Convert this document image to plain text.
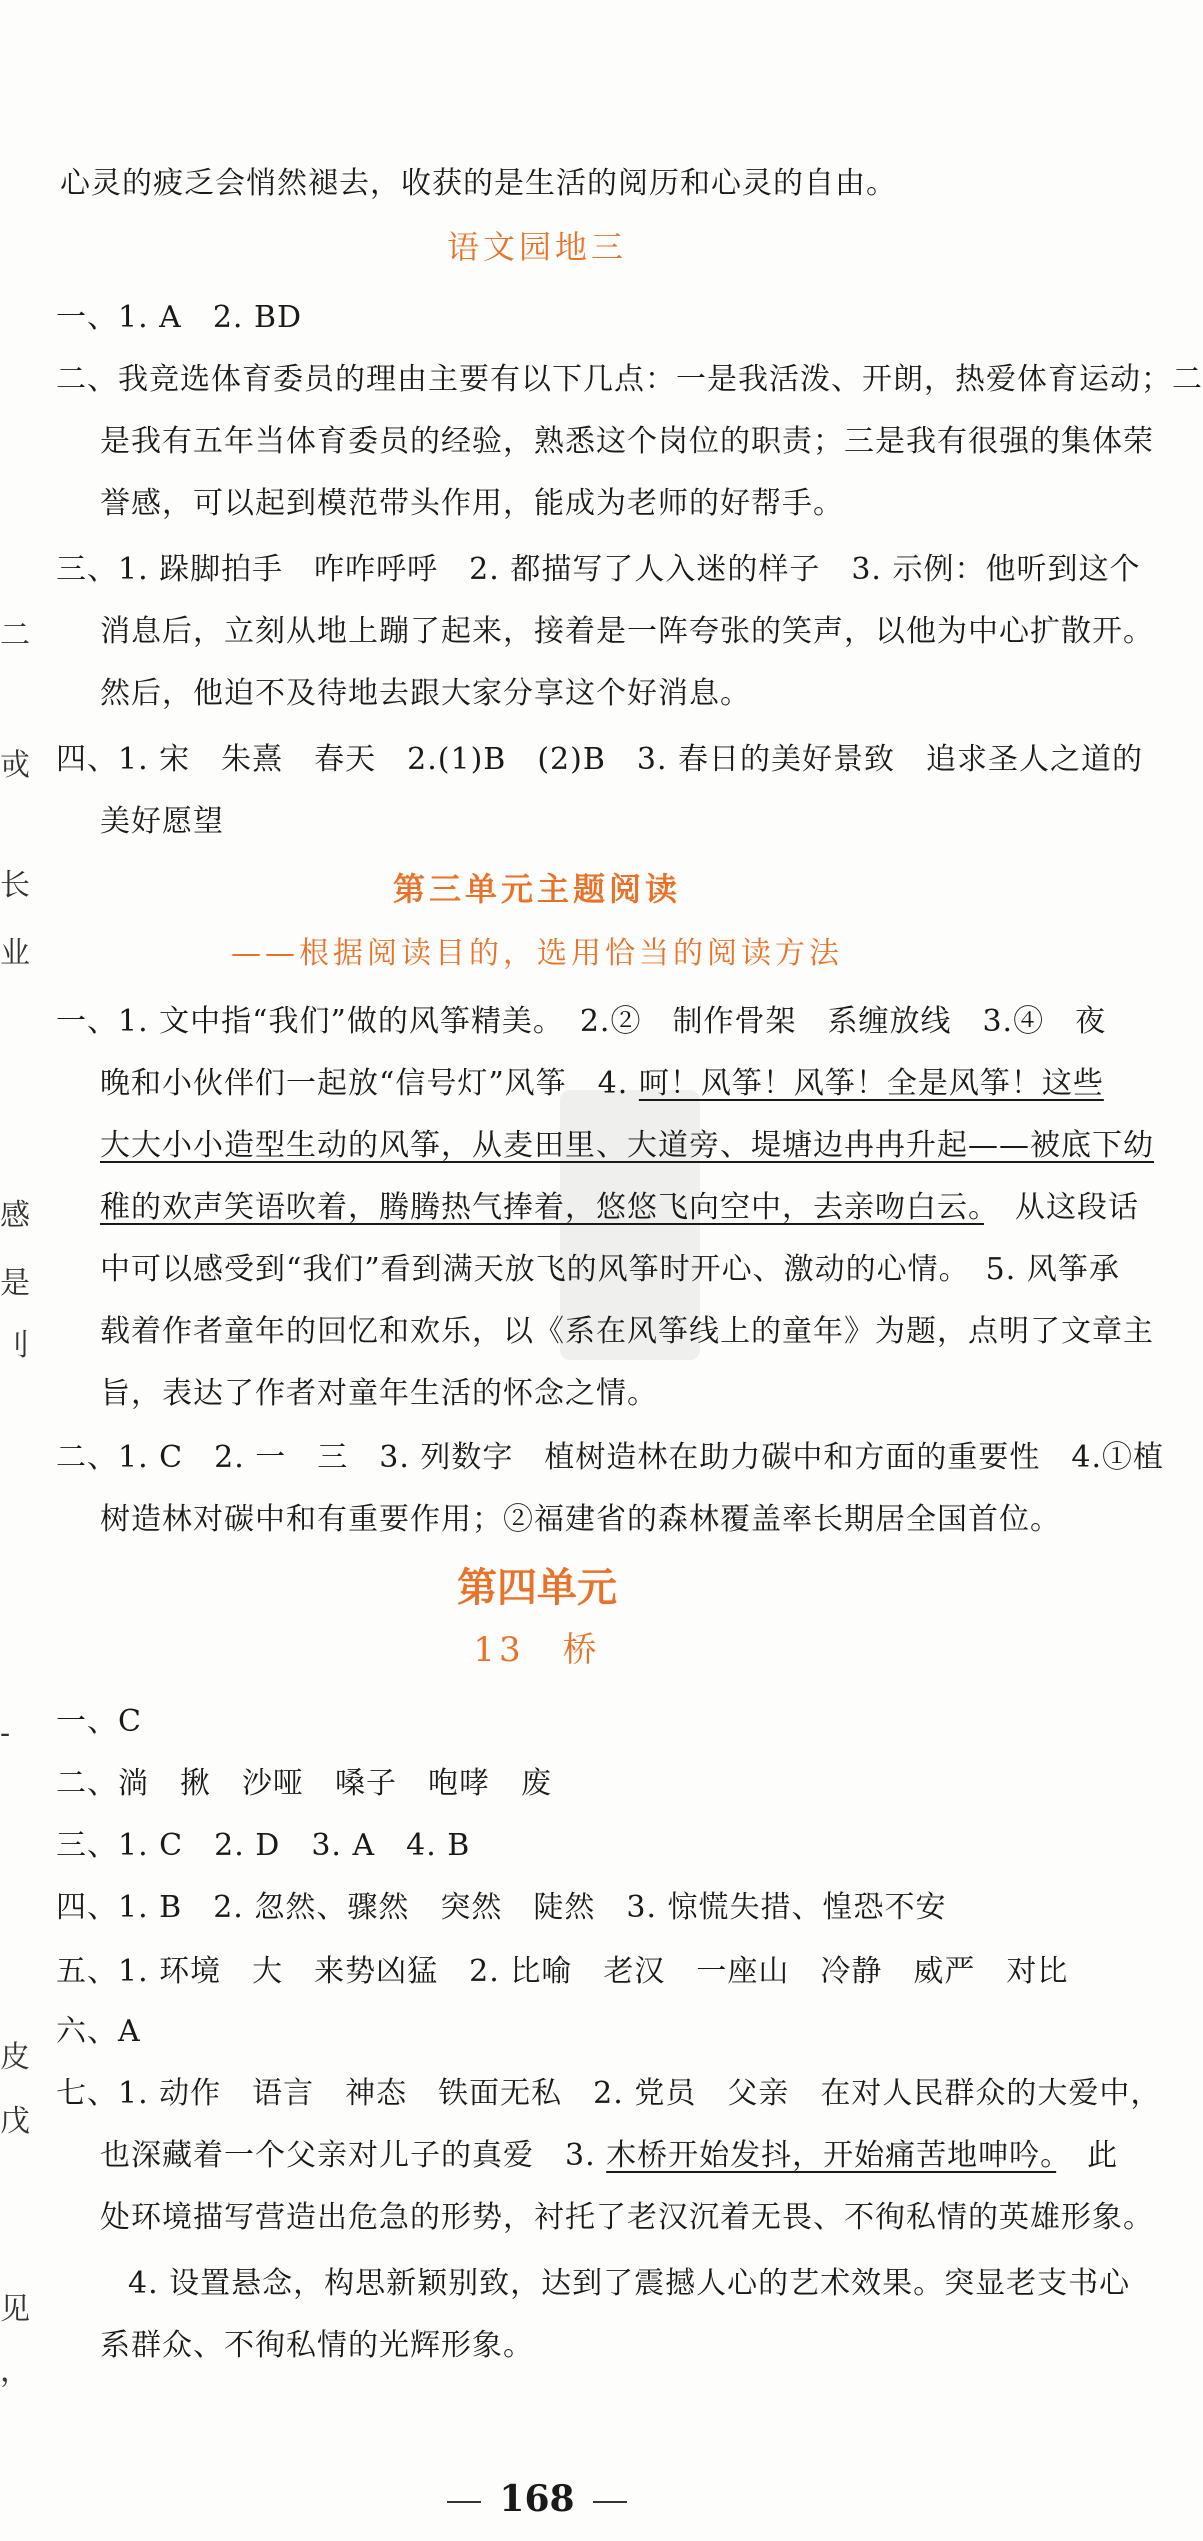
二
戓
长
业
感
是
刂
-
皮
戊
见
，
心灵的疲乏会悄然褪去，收获的是生活的阅历和心灵的自由。
语文园地三
一、1. A　2. BD
二、我竞选体育委员的理由主要有以下几点：一是我活泼、开朗，热爱体育运动；二
是我有五年当体育委员的经验，熟悉这个岗位的职责；三是我有很强的集体荣
誉感，可以起到模范带头作用，能成为老师的好帮手。
三、1. 跺脚拍手　咋咋呼呼　2. 都描写了人入迷的样子　3. 示例：他听到这个
消息后，立刻从地上蹦了起来，接着是一阵夸张的笑声，以他为中心扩散开。
然后，他迫不及待地去跟大家分享这个好消息。
四、1. 宋　朱熹　春天　2.(1)B　(2)B　3. 春日的美好景致　追求圣人之道的
美好愿望
第三单元主题阅读
——根据阅读目的，选用恰当的阅读方法
一、1. 文中指“我们”做的风筝精美。　2.②　制作骨架　系缠放线　3.④　夜
晚和小伙伴们一起放“信号灯”风筝　4. 呵！风筝！风筝！全是风筝！这些
大大小小造型生动的风筝，从麦田里、大道旁、堤塘边冉冉升起——被底下幼
稚的欢声笑语吹着，腾腾热气捧着，悠悠飞向空中，去亲吻白云。　从这段话
中可以感受到“我们”看到满天放飞的风筝时开心、激动的心情。　5. 风筝承
载着作者童年的回忆和欢乐，以《系在风筝线上的童年》为题，点明了文章主
旨，表达了作者对童年生活的怀念之情。
二、1. C　2. 一　三　3. 列数字　植树造林在助力碳中和方面的重要性　4.①植
树造林对碳中和有重要作用；②福建省的森林覆盖率长期居全国首位。
第四单元
13　桥
一、C
二、淌　揪　沙哑　嗓子　咆哮　废
三、1. C　2. D　3. A　4. B
四、1. B　2. 忽然、骤然　突然　陡然　3. 惊慌失措、惶恐不安
五、1. 环境　大　来势凶猛　2. 比喻　老汉　一座山　冷静　威严　对比
六、A
七、1. 动作　语言　神态　铁面无私　2. 党员　父亲　在对人民群众的大爱中，
也深藏着一个父亲对儿子的真爱　3. 木桥开始发抖，开始痛苦地呻吟。　此
处环境描写营造出危急的形势，衬托了老汉沉着无畏、不徇私情的英雄形象。
4. 设置悬念，构思新颖别致，达到了震撼人心的艺术效果。突显老支书心
系群众、不徇私情的光辉形象。
168
